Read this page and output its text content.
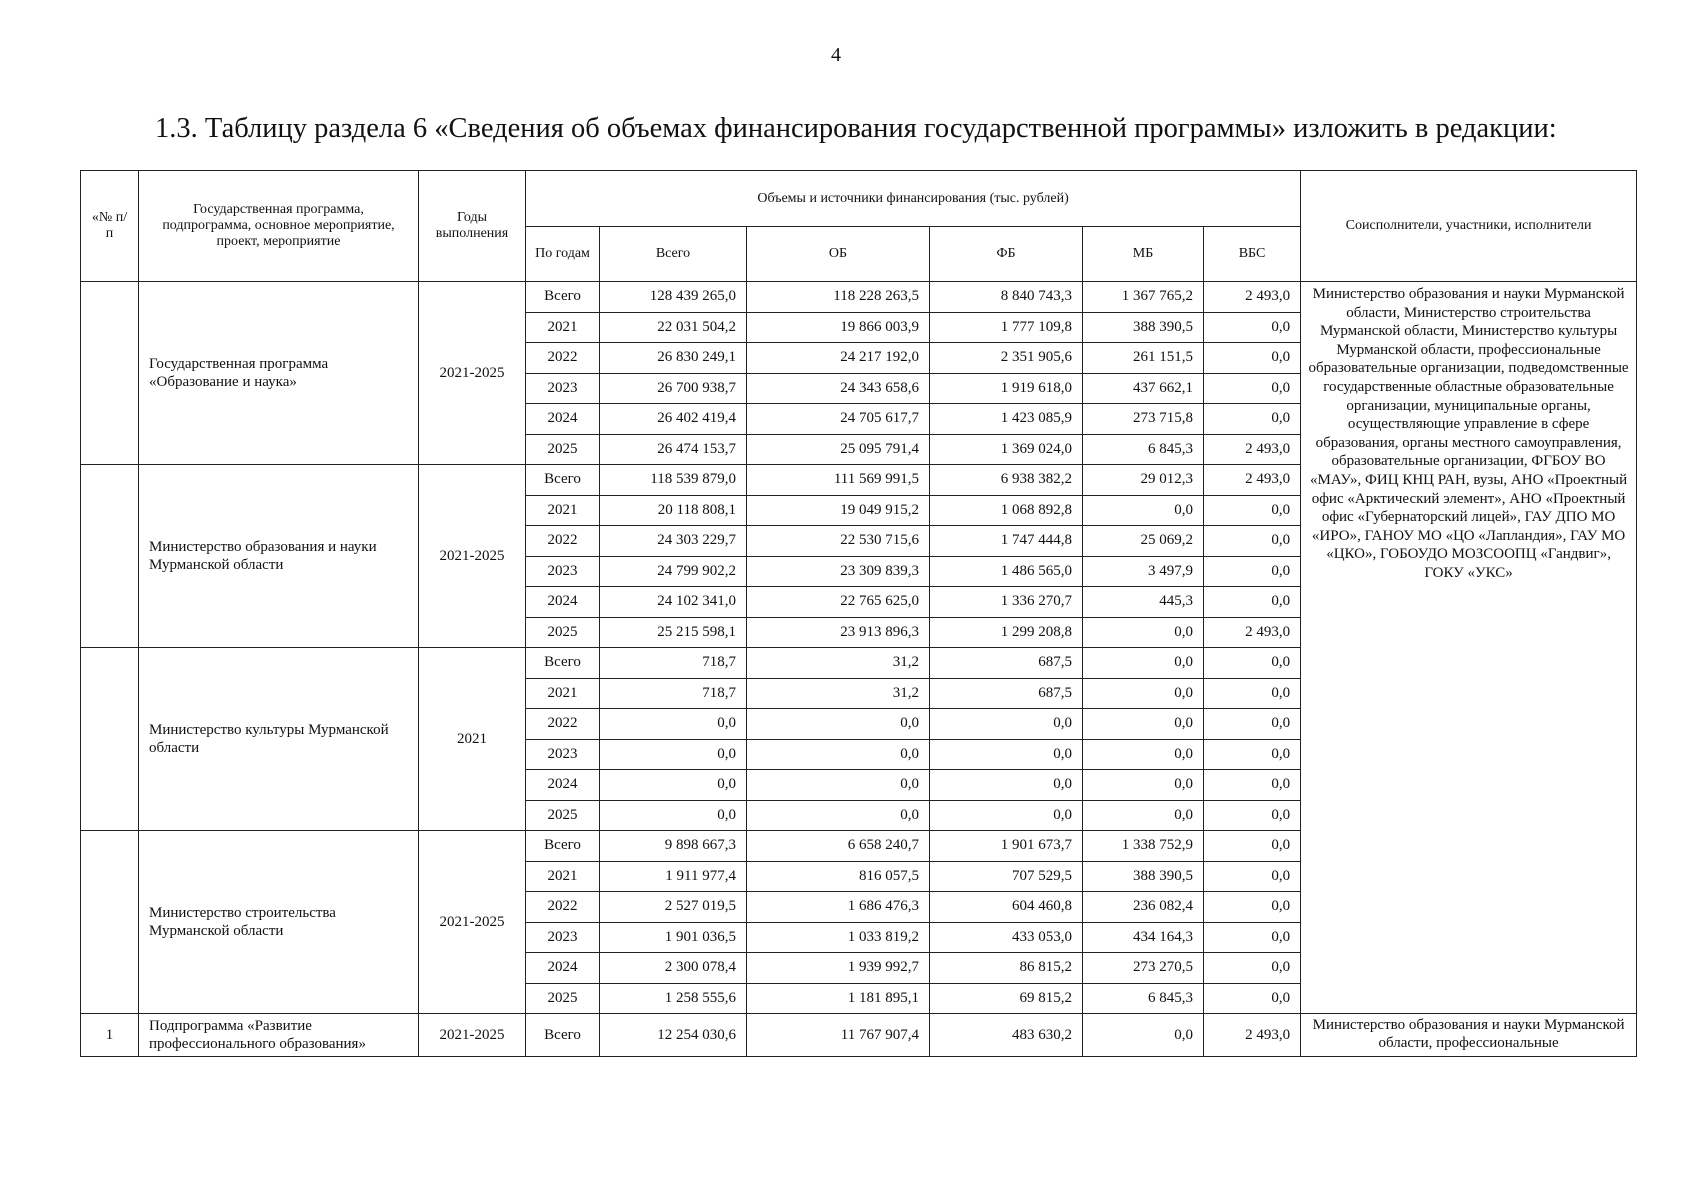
4
1.3. Таблицу раздела 6 «Сведения об объемах финансирования государственной программы» изложить в редакции:
«№ п/п	Государственная программа, подпрограмма, основное мероприятие, проект, мероприятие	Годы выполнения	Объемы и источники финансирования (тыс. рублей)						Соисполнители, участники, исполнители
			По годам	Всего	ОБ	ФБ	МБ	ВБС	
	Государственная программа «Образование и наука»	2021-2025	Всего	128 439 265,0	118 228 263,5	8 840 743,3	1 367 765,2	2 493,0	Министерство образования и науки Мурманской области, Министерство строительства Мурманской области, Министерство культуры Мурманской области, профессиональные образовательные организации, подведомственные государственные областные образовательные организации, муниципальные органы, осуществляющие управление в сфере образования, органы местного самоуправления, образовательные организации, ФГБОУ ВО «МАУ», ФИЦ КНЦ РАН, вузы, АНО «Проектный офис «Арктический элемент», АНО «Проектный офис «Губернаторский лицей», ГАУ ДПО МО «ИРО», ГАНОУ МО «ЦО «Лапландия», ГАУ МО «ЦКО», ГОБОУДО МОЗСООПЦ «Гандвиг», ГОКУ «УКС»
			2021	22 031 504,2	19 866 003,9	1 777 109,8	388 390,5	0,0	
			2022	26 830 249,1	24 217 192,0	2 351 905,6	261 151,5	0,0	
			2023	26 700 938,7	24 343 658,6	1 919 618,0	437 662,1	0,0	
			2024	26 402 419,4	24 705 617,7	1 423 085,9	273 715,8	0,0	
			2025	26 474 153,7	25 095 791,4	1 369 024,0	6 845,3	2 493,0	
	Министерство образования и науки Мурманской области	2021-2025	Всего	118 539 879,0	111 569 991,5	6 938 382,2	29 012,3	2 493,0	
			2021	20 118 808,1	19 049 915,2	1 068 892,8	0,0	0,0	
			2022	24 303 229,7	22 530 715,6	1 747 444,8	25 069,2	0,0	
			2023	24 799 902,2	23 309 839,3	1 486 565,0	3 497,9	0,0	
			2024	24 102 341,0	22 765 625,0	1 336 270,7	445,3	0,0	
			2025	25 215 598,1	23 913 896,3	1 299 208,8	0,0	2 493,0	
	Министерство культуры Мурманской области	2021	Всего	718,7	31,2	687,5	0,0	0,0	
			2021	718,7	31,2	687,5	0,0	0,0	
			2022	0,0	0,0	0,0	0,0	0,0	
			2023	0,0	0,0	0,0	0,0	0,0	
			2024	0,0	0,0	0,0	0,0	0,0	
			2025	0,0	0,0	0,0	0,0	0,0	
	Министерство строительства Мурманской области	2021-2025	Всего	9 898 667,3	6 658 240,7	1 901 673,7	1 338 752,9	0,0	
			2021	1 911 977,4	816 057,5	707 529,5	388 390,5	0,0	
			2022	2 527 019,5	1 686 476,3	604 460,8	236 082,4	0,0	
			2023	1 901 036,5	1 033 819,2	433 053,0	434 164,3	0,0	
			2024	2 300 078,4	1 939 992,7	86 815,2	273 270,5	0,0	
			2025	1 258 555,6	1 181 895,1	69 815,2	6 845,3	0,0	
1	Подпрограмма «Развитие профессионального образования»	2021-2025	Всего	12 254 030,6	11 767 907,4	483 630,2	0,0	2 493,0	Министерство образования и науки Мурманской области, профессиональные
